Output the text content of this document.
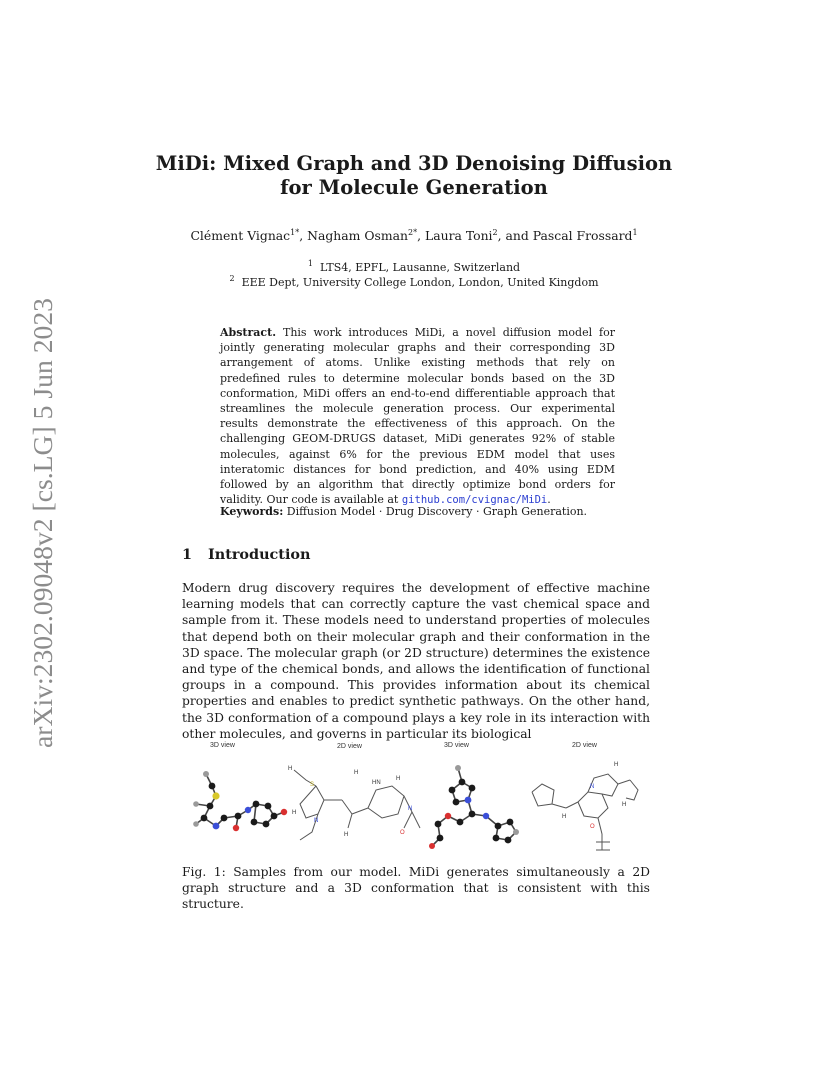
arXiv:2302.09048v2 [cs.LG] 5 Jun 2023
MiDi: Mixed Graph and 3D Denoising Diffusion
for Molecule Generation
Clément Vignac$^{1*}$, Nagham Osman$^{2*}$, Laura Toni$^2$, and Pascal Frossard$^1$
$^1$ LTS4, EPFL, Lausanne, Switzerland
$^2$ EEE Dept, University College London, London, United Kingdom
Abstract. This work introduces MiDi, a novel diffusion model for jointly generating molecular graphs and their corresponding 3D arrangement of atoms. Unlike existing methods that rely on predefined rules to determine molecular bonds based on the 3D conformation, MiDi offers an end-to-end differentiable approach that streamlines the molecule generation process. Our experimental results demonstrate the effectiveness of this approach. On the challenging GEOM-DRUGS dataset, MiDi generates 92% of stable molecules, against 6% for the previous EDM model that uses interatomic distances for bond prediction, and 40% using EDM followed by an algorithm that directly optimize bond orders for validity. Our code is available at github.com/cvignac/MiDi.
Keywords: Diffusion Model · Drug Discovery · Graph Generation.
1 Introduction
Modern drug discovery requires the development of effective machine learning models that can correctly capture the vast chemical space and sample from it. These models need to understand properties of molecules that depend both on their molecular graph and their conformation in the 3D space. The molecular graph (or 2D structure) determines the existence and type of the chemical bonds, and allows the identification of functional groups in a compound. This provides information about its chemical properties and enables to predict synthetic pathways. On the other hand, the 3D conformation of a compound plays a key role in its interaction with other molecules, and governs in particular its biological
3D view	2D view	3D view	2D view
H
H
HN
H
H
N
H
N
S
O
H
H
N
H
O
Fig. 1: Samples from our model. MiDi generates simultaneously a 2D graph structure and a 3D conformation that is consistent with this structure.
